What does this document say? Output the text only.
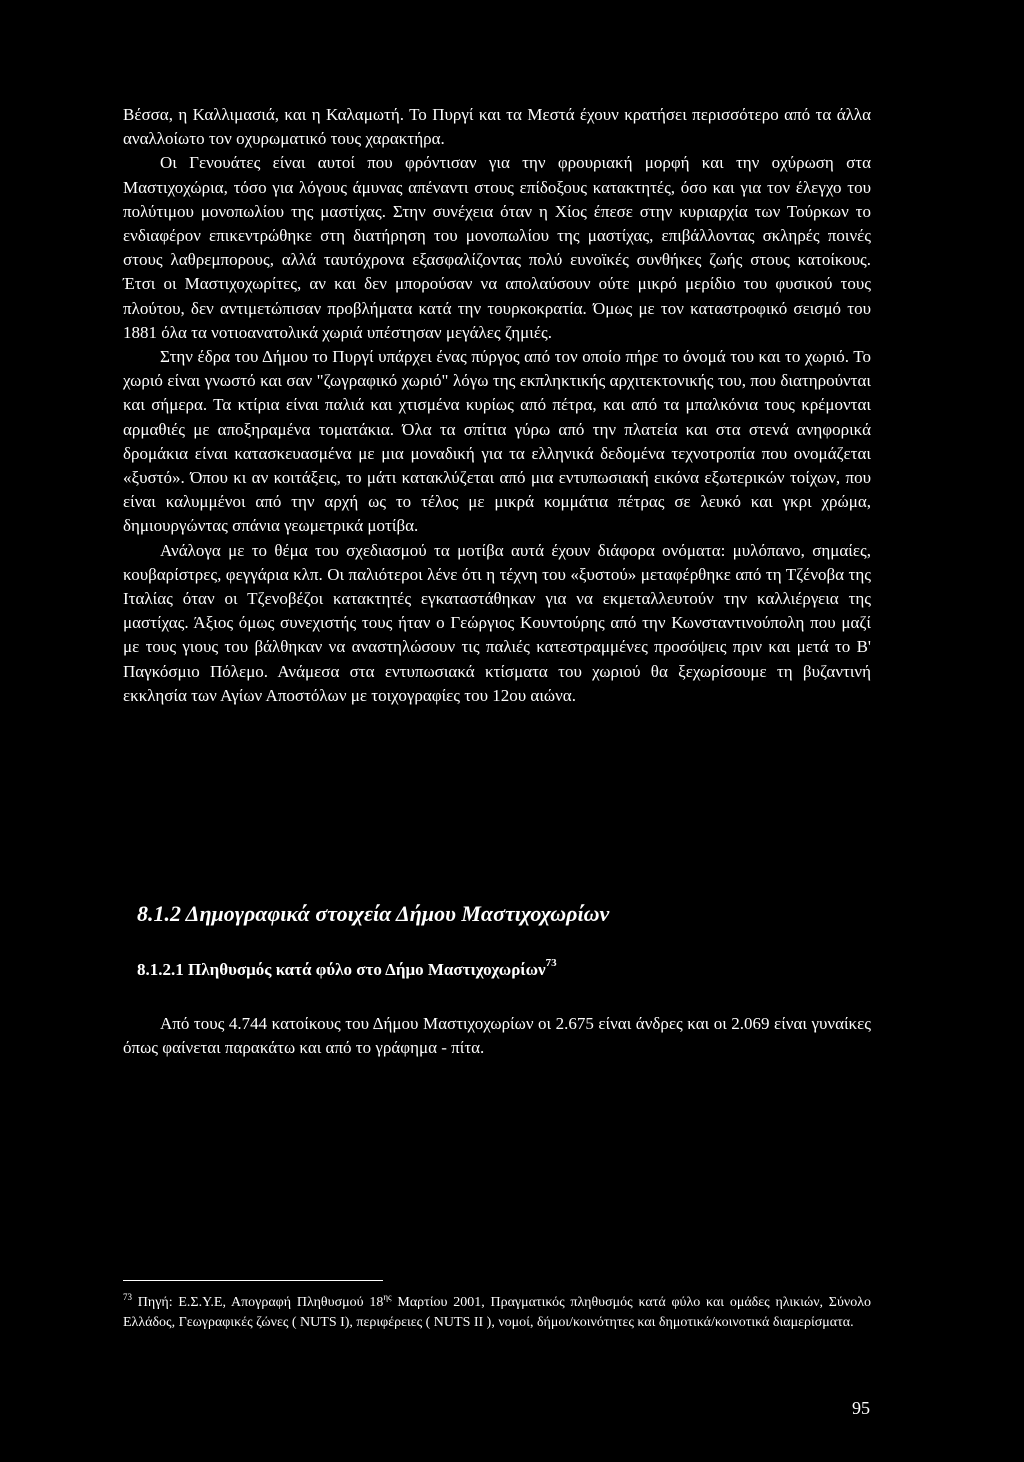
Βέσσα, η Καλλιμασιά, και η Καλαμωτή. Το Πυργί και τα Μεστά έχουν κρατήσει περισσότερο από τα άλλα αναλλοίωτο τον οχυρωματικό τους χαρακτήρα.

Οι Γενουάτες είναι αυτοί που φρόντισαν για την φρουριακή μορφή και την οχύρωση στα Μαστιχοχώρια, τόσο για λόγους άμυνας απέναντι στους επίδοξους κατακτητές, όσο και για τον έλεγχο του πολύτιμου μονοπωλίου της μαστίχας. Στην συνέχεια όταν η Χίος έπεσε στην κυριαρχία των Τούρκων το ενδιαφέρον επικεντρώθηκε στη διατήρηση του μονοπωλίου της μαστίχας, επιβάλλοντας σκληρές ποινές στους λαθρεμπορους, αλλά ταυτόχρονα εξασφαλίζοντας πολύ ευνοϊκές συνθήκες ζωής στους κατοίκους. Έτσι οι Μαστιχοχωρίτες, αν και δεν μπορούσαν να απολαύσουν ούτε μικρό μερίδιο του φυσικού τους πλούτου, δεν αντιμετώπισαν προβλήματα κατά την τουρκοκρατία. Όμως με τον καταστροφικό σεισμό του 1881 όλα τα νοτιοανατολικά χωριά υπέστησαν μεγάλες ζημιές.

Στην έδρα του Δήμου το Πυργί υπάρχει ένας πύργος από τον οποίο πήρε το όνομά του και το χωριό. Το χωριό είναι γνωστό και σαν "ζωγραφικό χωριό" λόγω της εκπληκτικής αρχιτεκτονικής του, που διατηρούνται και σήμερα. Τα κτίρια είναι παλιά και χτισμένα κυρίως από πέτρα, και από τα μπαλκόνια τους κρέμονται αρμαθιές με αποξηραμένα τοματάκια. Όλα τα σπίτια γύρω από την πλατεία και στα στενά ανηφορικά δρομάκια είναι κατασκευασμένα με μια μοναδική για τα ελληνικά δεδομένα τεχνοτροπία που ονομάζεται «ξυστό». Όπου κι αν κοιτάξεις, το μάτι κατακλύζεται από μια εντυπωσιακή εικόνα εξωτερικών τοίχων, που είναι καλυμμένοι από την αρχή ως το τέλος με μικρά κομμάτια πέτρας σε λευκό και γκρι χρώμα, δημιουργώντας σπάνια γεωμετρικά μοτίβα.

Ανάλογα με το θέμα του σχεδιασμού τα μοτίβα αυτά έχουν διάφορα ονόματα: μυλόπανο, σημαίες, κουβαρίστρες, φεγγάρια κλπ. Οι παλιότεροι λένε ότι η τέχνη του «ξυστού» μεταφέρθηκε από τη Τζένοβα της Ιταλίας όταν οι Τζενοβέζοι κατακτητές εγκαταστάθηκαν για να εκμεταλλευτούν την καλλιέργεια της μαστίχας. Άξιος όμως συνεχιστής τους ήταν ο Γεώργιος Κουντούρης από την Κωνσταντινούπολη που μαζί με τους γιους του βάλθηκαν να αναστηλώσουν τις παλιές κατεστραμμένες προσόψεις πριν και μετά το Β' Παγκόσμιο Πόλεμο. Ανάμεσα στα εντυπωσιακά κτίσματα του χωριού θα ξεχωρίσουμε τη βυζαντινή εκκλησία των Αγίων Αποστόλων με τοιχογραφίες του 12ου αιώνα.

8.1.2 Δημογραφικά στοιχεία Δήμου Μαστιχοχωρίων
8.1.2.1 Πληθυσμός κατά φύλο στο Δήμο Μαστιχοχωρίων$^{73}$

Από τους 4.744 κατοίκους του Δήμου Μαστιχοχωρίων οι 2.675 είναι άνδρες και οι 2.069 είναι γυναίκες όπως φαίνεται παρακάτω και από το γράφημα - πίτα.

$^{73}$ Πηγή: Ε.Σ.Υ.Ε, Απογραφή Πληθυσμού $18^{\eta\varsigma}$ Μαρτίου 2001, Πραγματικός πληθυσμός κατά φύλο και ομάδες ηλικιών, Σύνολο Ελλάδος, Γεωγραφικές ζώνες ( NUTS I), περιφέρειες ( NUTS II ), νομοί, δήμοι/κοινότητες και δημοτικά/κοινοτικά διαμερίσματα.
95
